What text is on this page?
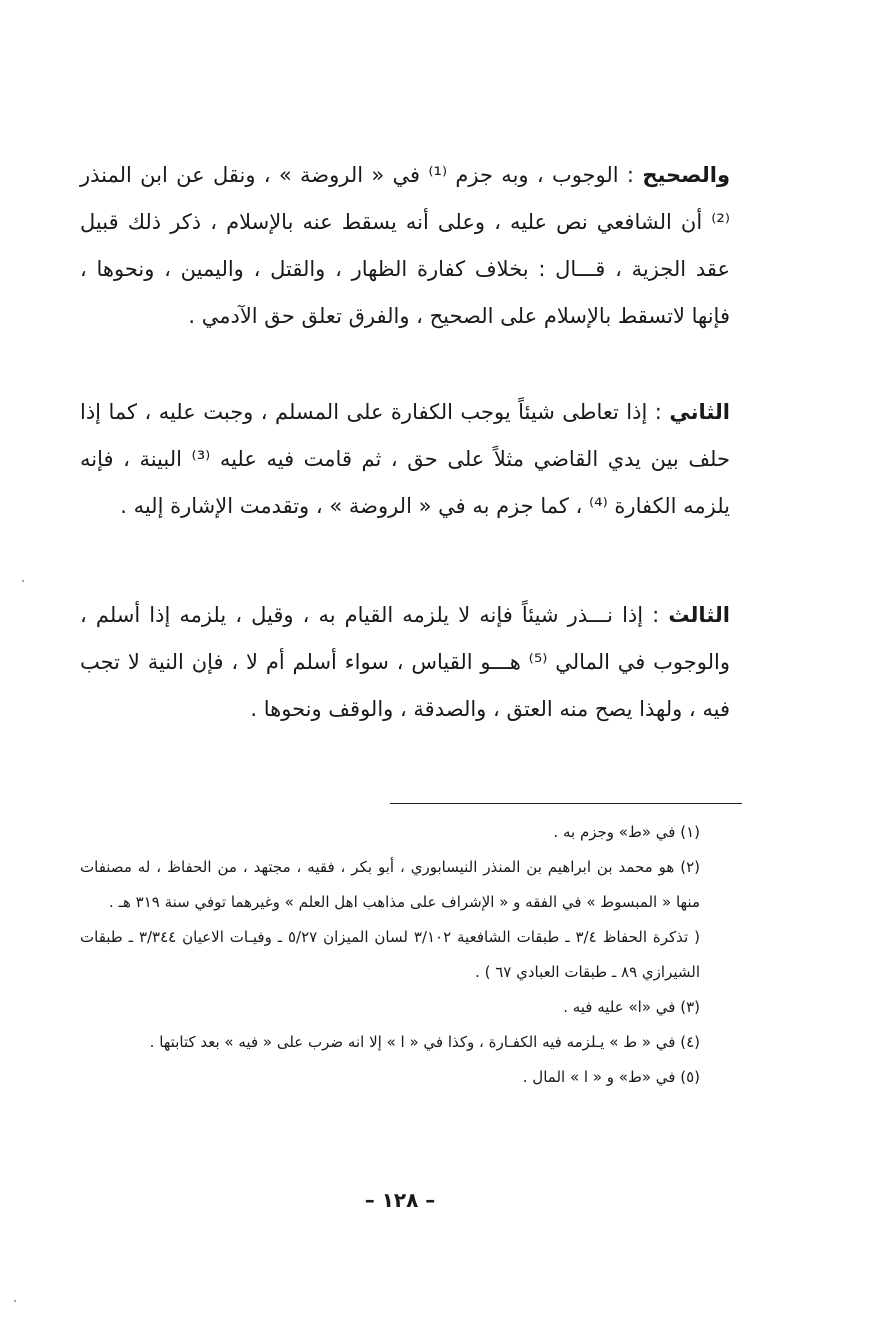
والصحيح : الوجوب ، وبه جزم ⁽¹⁾ في « الروضة » ، ونقل عن ابن المنذر ⁽²⁾ أن الشافعي نص عليه ، وعلى أنه يسقط عنه بالإسلام ، ذكر ذلك قبيل عقد الجزية ، قـــال : بخلاف كفارة الظهار ، والقتل ، واليمين ، ونحوها ، فإنها لاتسقط بالإسلام على الصحيح ، والفرق تعلق حق الآدمي .

الثاني : إذا تعاطى شيئاً يوجب الكفارة على المسلم ، وجبت عليه ، كما إذا حلف بين يدي القاضي مثلاً على حق ، ثم قامت فيه عليه ⁽³⁾ البينة ، فإنه يلزمه الكفارة ⁽⁴⁾ ، كما جزم به في « الروضة » ، وتقدمت الإشارة إليه .

الثالث : إذا نـــذر شيئاً فإنه لا يلزمه القيام به ، وقيل ، يلزمه إذا أسلم ، والوجوب في المالي ⁽⁵⁾ هـــو القياس ، سواء أسلم أم لا ، فإن النية لا تجب فيه ، ولهذا يصح منه العتق ، والصدقة ، والوقف ونحوها .

(١) في «ط» وجزم به .

(٢) هو محمد بن ابراهيم بن المنذر النيسابوري ، أبو بكر ، فقيه ، مجتهد ، من الحفاظ ، له مصنفات منها « المبسوط » في الفقه و « الإشراف على مذاهب اهل العلم » وغيرهما توفي سنة ٣١٩ هـ .

( تذكرة الحفاظ ٣/٤ ـ طبقات الشافعية ٣/١٠٢ لسان الميزان ٥/٢٧ ـ وفيـات الاعيان ٣/٣٤٤ ـ طبقات الشيرازي ٨٩ ـ طبقات العبادي ٦٧ ) .

(٣) في «ا» عليه فيه .

(٤) في « ط » يـلزمه فيه الكفـارة ، وكذا في « ا » إلا انه ضرب على « فيه » بعد كتابتها .

(٥) في «ط» و « ا » المال .

– ١٢٨ –
